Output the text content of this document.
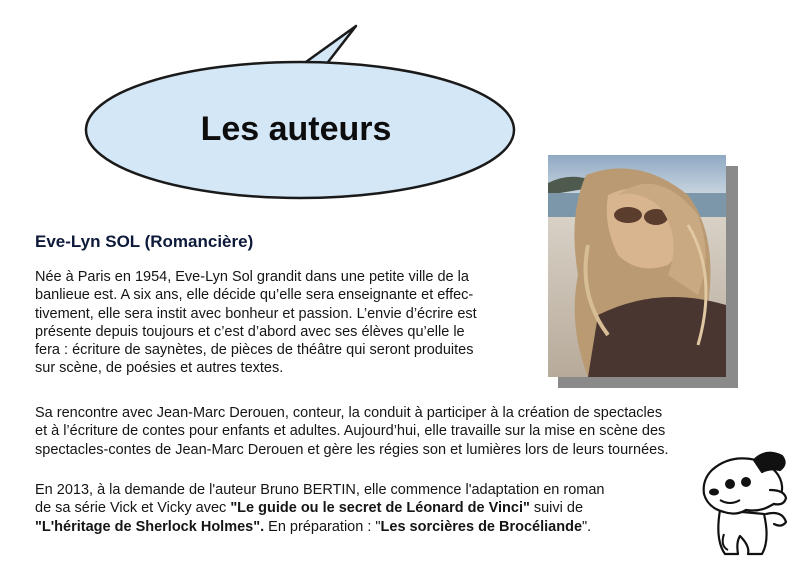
Les auteurs
Eve-Lyn SOL (Romancière)
Née à Paris en 1954, Eve-Lyn Sol grandit dans une petite ville de la
banlieue est. A six ans, elle décide qu’elle sera enseignante et effec-
tivement, elle sera instit avec bonheur et passion. L’envie d’écrire est
présente depuis toujours et c’est d’abord avec ses élèves qu’elle le
fera : écriture de saynètes, de pièces de théâtre qui seront produites
sur scène, de poésies et autres textes.
Sa rencontre avec Jean-Marc Derouen, conteur, la conduit à participer à la création de spectacles
et à l’écriture de contes pour enfants et adultes. Aujourd’hui, elle travaille sur la mise en scène des
spectacles-contes de Jean-Marc Derouen et gère les régies son et lumières lors de leurs tournées.
En 2013, à la demande de l'auteur Bruno BERTIN, elle commence l'adaptation en roman
de sa série Vick et Vicky avec "Le guide ou le secret de Léonard de Vinci" suivi de
"L'héritage de Sherlock Holmes". En préparation : "Les sorcières de Brocéliande".
